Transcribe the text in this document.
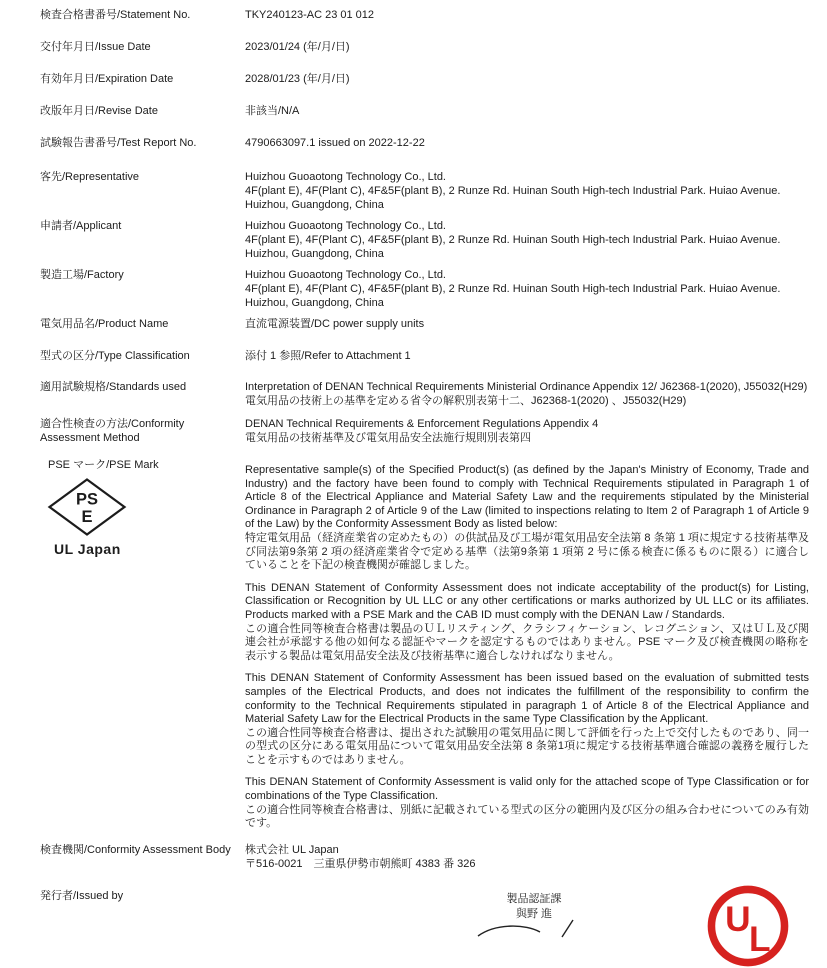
検査合格書番号/Statement No.	TKY240123-AC 23 01 012
交付年月日/Issue Date	2023/01/24 (年/月/日)
有効年月日/Expiration Date	2028/01/23 (年/月/日)
改版年月日/Revise Date	非該当/N/A
試験報告書番号/Test Report No.	4790663097.1 issued on 2022-12-22
客先/Representative	Huizhou Guoaotong Technology Co., Ltd.
4F(plant E), 4F(Plant C), 4F&5F(plant B), 2 Runze Rd. Huinan South High-tech Industrial Park. Huiao Avenue. Huizhou, Guangdong, China
申請者/Applicant	Huizhou Guoaotong Technology Co., Ltd.
4F(plant E), 4F(Plant C), 4F&5F(plant B), 2 Runze Rd. Huinan South High-tech Industrial Park. Huiao Avenue. Huizhou, Guangdong, China
製造工場/Factory	Huizhou Guoaotong Technology Co., Ltd.
4F(plant E), 4F(Plant C), 4F&5F(plant B), 2 Runze Rd. Huinan South High-tech Industrial Park. Huiao Avenue. Huizhou, Guangdong, China
電気用品名/Product Name	直流電源装置/DC power supply units
型式の区分/Type Classification	添付 1 参照/Refer to Attachment 1
適用試験規格/Standards used	Interpretation of DENAN Technical Requirements Ministerial Ordinance Appendix 12/ J62368-1(2020), J55032(H29)
電気用品の技術上の基準を定める省令の解釈別表第十二、J62368-1(2020) 、J55032(H29)
適合性検査の方法/Conformity Assessment Method
DENAN Technical Requirements & Enforcement Regulations Appendix 4
電気用品の技術基準及び電気用品安全法施行規則別表第四
PSE マーク/PSE Mark
PS
E
UL Japan

Representative sample(s) of the Specified Product(s) (as defined by the Japan's Ministry of Economy, Trade and Industry) and the factory have been found to comply with Technical Requirements stipulated in Paragraph 1 of Article 8 of the Electrical Appliance and Material Safety Law and the requirements stipulated by the Ministerial Ordinance in Paragraph 2 of Article 9 of the Law (limited to inspections relating to Item 2 of Paragraph 1 of Article 9 of the Law) by the Conformity Assessment Body as listed below:
特定電気用品（経済産業省の定めたもの）の供試品及び工場が電気用品安全法第 8 条第 1 項に規定する技術基準及び同法第9条第 2 項の経済産業省令で定める基準（法第9条第 1 項第 2 号に係る検査に係るものに限る）に適合していることを下記の検査機関が確認しました。

This DENAN Statement of Conformity Assessment does not indicate acceptability of the product(s) for Listing, Classification or Recognition by UL LLC or any other certifications or marks authorized by UL LLC or its affiliates. Products marked with a PSE Mark and the CAB ID must comply with the DENAN Law / Standards.
この適合性同等検査合格書は製品のＵＬリスティング、クラシフィケーション、レコグニション、又はＵＬ及び関連会社が承認する他の如何なる認証やマークを認定するものではありません。PSE マーク及び検査機関の略称を表示する製品は電気用品安全法及び技術基準に適合しなければなりません。

This DENAN Statement of Conformity Assessment has been issued based on the evaluation of submitted tests samples of the Electrical Products, and does not indicates the fulfillment of the responsibility to confirm the conformity to the Technical Requirements stipulated in paragraph 1 of Article 8 of the Electrical Appliance and Material Safety Law for the Electrical Products in the same Type Classification by the Applicant.
この適合性同等検査合格書は、提出された試験用の電気用品に関して評価を行った上で交付したものであり、同一の型式の区分にある電気用品について電気用品安全法第 8 条第1項に規定する技術基準適合確認の義務を履行したことを示すものではありません。

This DENAN Statement of Conformity Assessment is valid only for the attached scope of Type Classification or for combinations of the Type Classification.
この適合性同等検査合格書は、別紙に記載されている型式の区分の範囲内及び区分の組み合わせについてのみ有効です。

検査機関/Conformity Assessment Body	株式会社 UL Japan
〒516-0021　三重県伊勢市朝熊町 4383 番 326
発行者/Issued by	製品認証課
與野 進	U
L
